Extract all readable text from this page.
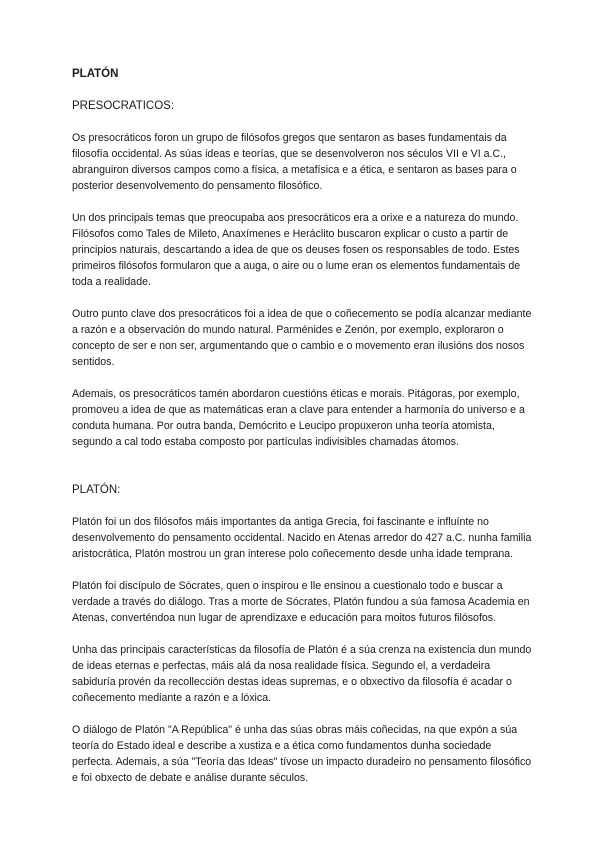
PLATÓN
PRESOCRATICOS:

Os presocráticos foron un grupo de filósofos gregos que sentaron as bases fundamentais da filosofía occidental. As súas ideas e teorías, que se desenvolveron nos séculos VII e VI a.C., abranguiron diversos campos como a física, a metafísica e a ética, e sentaron as bases para o posterior desenvolvemento do pensamento filosófico.

Un dos principais temas que preocupaba aos presocráticos era a orixe e a natureza do mundo. Filósofos como Tales de Mileto, Anaxímenes e Heráclito buscaron explicar o custo a partir de principios naturais, descartando a idea de que os deuses fosen os responsables de todo. Estes primeiros filósofos formularon que a auga, o aire ou o lume eran os elementos fundamentais de toda a realidade.

Outro punto clave dos presocráticos foi a idea de que o coñecemento se podía alcanzar mediante a razón e a observación do mundo natural. Parménides e Zenón, por exemplo, exploraron o concepto de ser e non ser, argumentando que o cambio e o movemento eran ilusións dos nosos sentidos.

Ademais, os presocráticos tamén abordaron cuestións éticas e morais. Pitágoras, por exemplo, promoveu a idea de que as matemáticas eran a clave para entender a harmonía do universo e a conduta humana. Por outra banda, Demócrito e Leucipo propuxeron unha teoría atomista, segundo a cal todo estaba composto por partículas indivisibles chamadas átomos.

PLATÓN:

Platón foi un dos filósofos máis importantes da antiga Grecia, foi fascinante e influínte no desenvolvemento do pensamento occidental. Nacido en Atenas arredor do 427 a.C. nunha familia aristocrática, Platón mostrou un gran interese polo coñecemento desde unha idade temprana.

Platón foi discípulo de Sócrates, quen o inspirou e lle ensinou a cuestionalo todo e buscar a verdade a través do diálogo. Tras a morte de Sócrates, Platón fundou a súa famosa Academia en Atenas, converténdoa nun lugar de aprendizaxe e educación para moitos futuros filósofos.

Unha das principais características da filosofía de Platón é a súa crenza na existencia dun mundo de ideas eternas e perfectas, máis alá da nosa realidade física. Segundo el, a verdadeira sabiduría provén da recollección destas ideas supremas, e o obxectivo da filosofía é acadar o coñecemento mediante a razón e a lóxica.

O diálogo de Platón "A República" é unha das súas obras máis coñecidas, na que expón a súa teoría do Estado ideal e describe a xustiza e a ética como fundamentos dunha sociedade perfecta. Ademais, a súa "Teoría das Ideas" tívose un impacto duradeiro no pensamento filosófico e foi obxecto de debate e análise durante séculos.
